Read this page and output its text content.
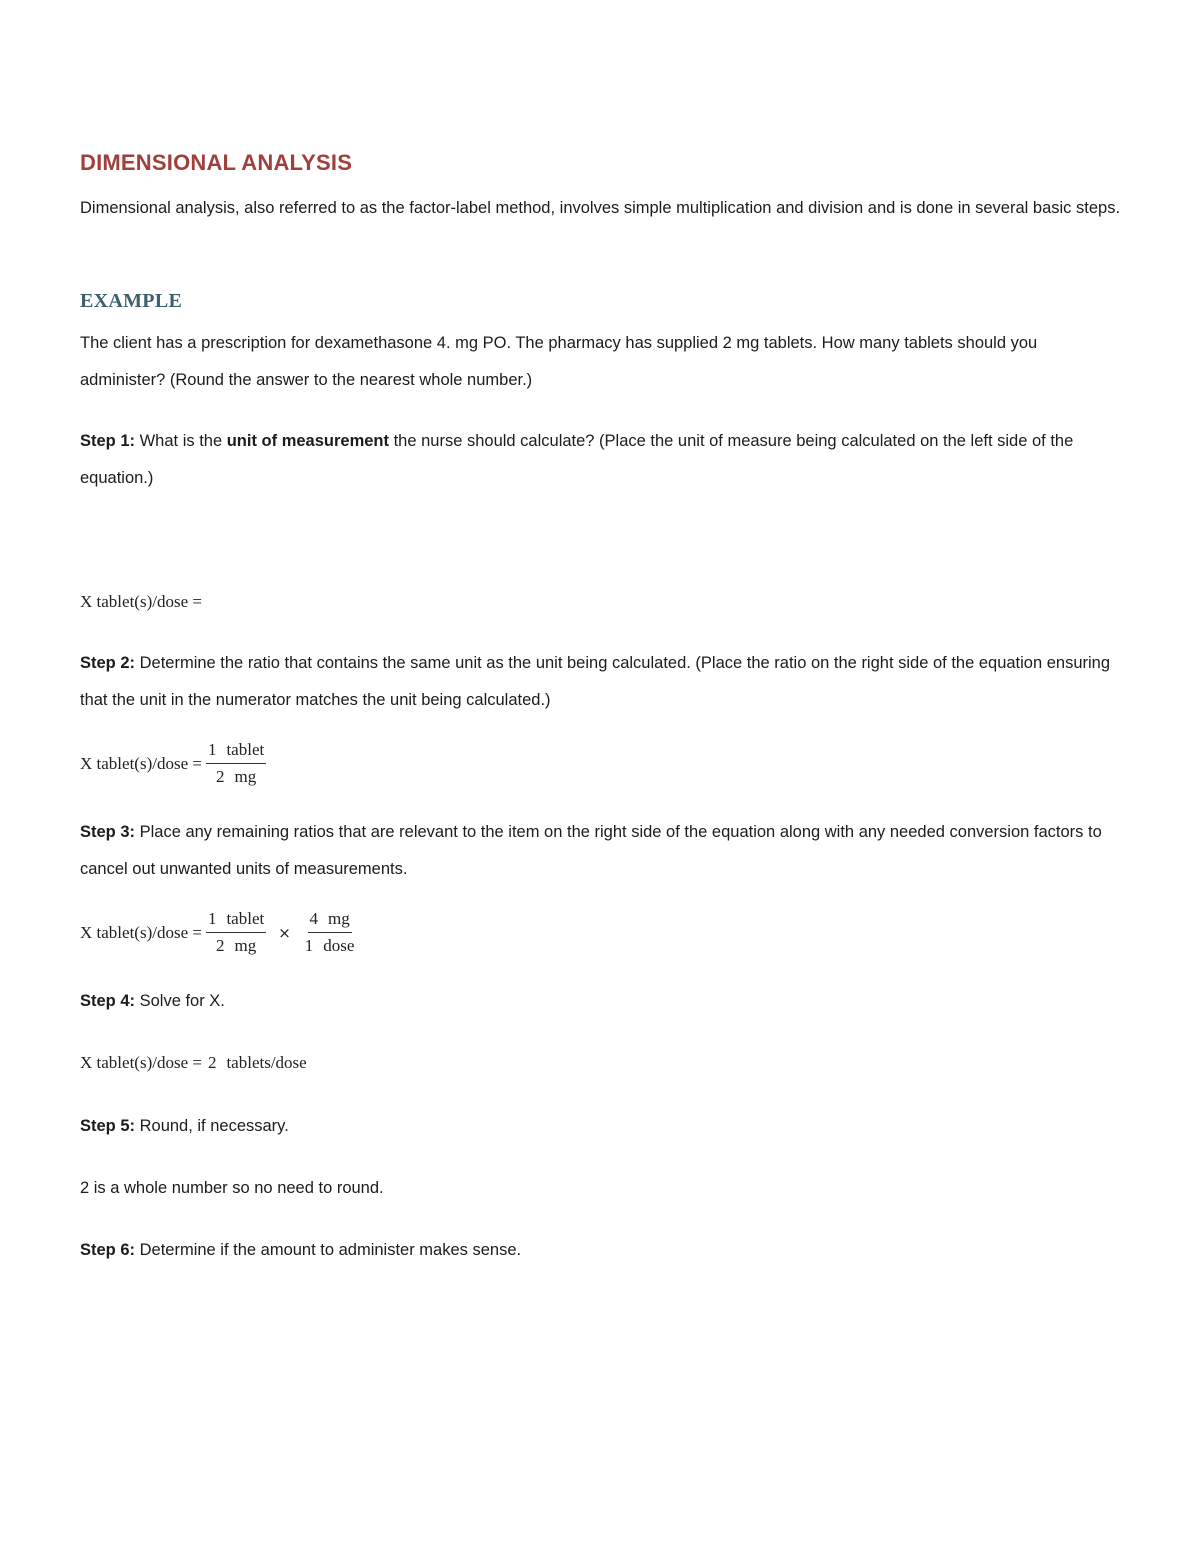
DIMENSIONAL ANALYSIS

Dimensional analysis, also referred to as the factor-label method, involves simple multiplication and division and is done in several basic steps.

EXAMPLE

The client has a prescription for dexamethasone 4. mg PO. The pharmacy has supplied 2 mg tablets. How many tablets should you administer? (Round the answer to the nearest whole number.)

Step 1: What is the unit of measurement the nurse should calculate? (Place the unit of measure being calculated on the left side of the equation.)

X tablet(s)/dose =

Step 2: Determine the ratio that contains the same unit as the unit being calculated. (Place the ratio on the right side of the equation ensuring that the unit in the numerator matches the unit being calculated.)

X tablet(s)/dose = $\frac{\text{1 tablet}}{2 mg}$

Step 3: Place any remaining ratios that are relevant to the item on the right side of the equation along with any needed conversion factors to cancel out unwanted units of measurements.

X tablet(s)/dose = $\frac{\text{1 tablet}}{2 mg} \times \frac{4 mg}{\text{1 dose}}$

Step 4: Solve for X.

X tablet(s)/dose = 2 tablets/dose

Step 5: Round, if necessary.

2 is a whole number so no need to round.

Step 6: Determine if the amount to administer makes sense.
